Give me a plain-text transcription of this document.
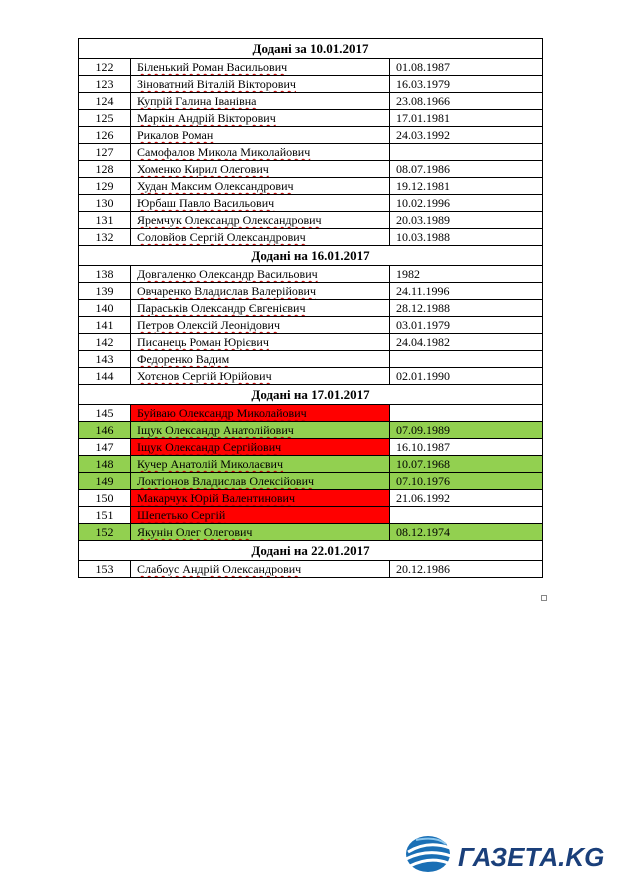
Додані за 10.01.2017		
122	Біленький Роман Васильович	01.08.1987
123	Зіноватний Віталій Вікторович	16.03.1979
124	Купрій Галина Іванівна	23.08.1966
125	Маркін Андрій Вікторович	17.01.1981
126	Рикалов Роман	24.03.1992
127	Самофалов Микола Миколайович	
128	Хоменко Кирил Олегович	08.07.1986
129	Худан Максим Олександрович	19.12.1981
130	Юрбаш Павло Васильович	10.02.1996
131	Яремчук Олександр Олександрович	20.03.1989
132	Соловйов Сергій Олександрович	10.03.1988
Додані на 16.01.2017		
138	Довгаленко Олександр Васильович	1982
139	Овчаренко Владислав Валерійович	24.11.1996
140	Параськів Олександр Євгенієвич	28.12.1988
141	Петров Олексій Леонідович	03.01.1979
142	Писанець Роман Юрієвич	24.04.1982
143	Федоренко Вадим	
144	Хотєнов Сергій Юрійович	02.01.1990
Додані на 17.01.2017		
145	Буйваю Олександр Миколайович	
146	Іщук Олександр Анатолійович	07.09.1989
147	Іщук Олександр Сергійович	16.10.1987
148	Кучер Анатолій Миколаєвич	10.07.1968
149	Локтіонов Владислав Олексійович	07.10.1976
150	Макарчук Юрій Валентинович	21.06.1992
151	Шепетько Сергій	
152	Якунін Олег Олегович	08.12.1974
Додані на 22.01.2017		
153	Слабоус Андрій Олександрович	20.12.1986
ГАЗЕТА.KG
